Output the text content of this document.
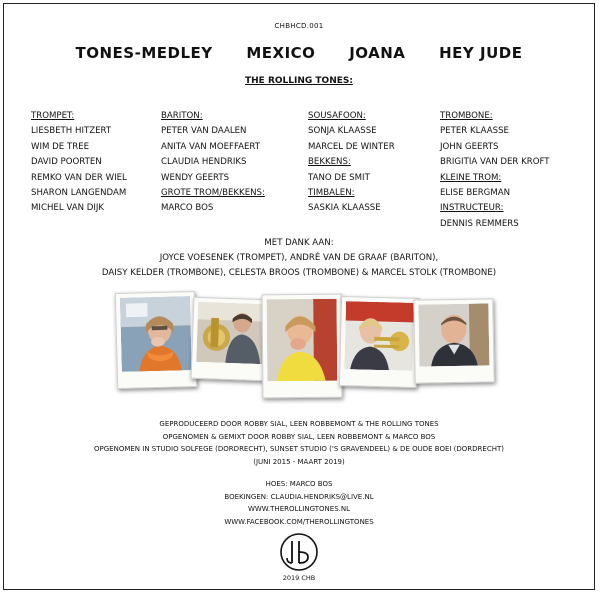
CHBHCD.001
TONES-MEDLEY MEXICO JOANA HEY JUDE
THE ROLLING TONES:
TROMPET:
LIESBETH HITZERT
WIM DE TREE
DAVID POORTEN
REMKO VAN DER WIEL
SHARON LANGENDAM
MICHEL VAN DIJK
BARITON:
PETER VAN DAALEN
ANITA VAN MOEFFAERT
CLAUDIA HENDRIKS
WENDY GEERTS
GROTE TROM/BEKKENS:
MARCO BOS
SOUSAFOON:
SONJA KLAASSE
MARCEL DE WINTER
BEKKENS:
TANO DE SMIT
TIMBALEN:
SASKIA KLAASSE
TROMBONE:
PETER KLAASSE
JOHN GEERTS
BRIGITIA VAN DER KROFT
KLEINE TROM:
ELISE BERGMAN
INSTRUCTEUR:
DENNIS REMMERS
MET DANK AAN:
JOYCE VOESENEK (TROMPET), ANDRÉ VAN DE GRAAF (BARITON),
DAISY KELDER (TROMBONE), CELESTA BROOS (TROMBONE) & MARCEL STOLK (TROMBONE)
GEPRODUCEERD DOOR ROBBY SIAL, LEEN ROBBEMONT & THE ROLLING TONES
OPGENOMEN & GEMIXT DOOR ROBBY SIAL, LEEN ROBBEMONT & MARCO BOS
OPGENOMEN IN STUDIO SOLFEGE (DORDRECHT), SUNSET STUDIO ('S GRAVENDEEL) & DE OUDE BOEI (DORDRECHT)
(JUNI 2015 - MAART 2019)
HOES: MARCO BOS
BOEKINGEN: CLAUDIA.HENDRIKS@LIVE.NL
WWW.THEROLLINGTONES.NL
WWW.FACEBOOK.COM/THEROLLINGTONES
2019 CHB
